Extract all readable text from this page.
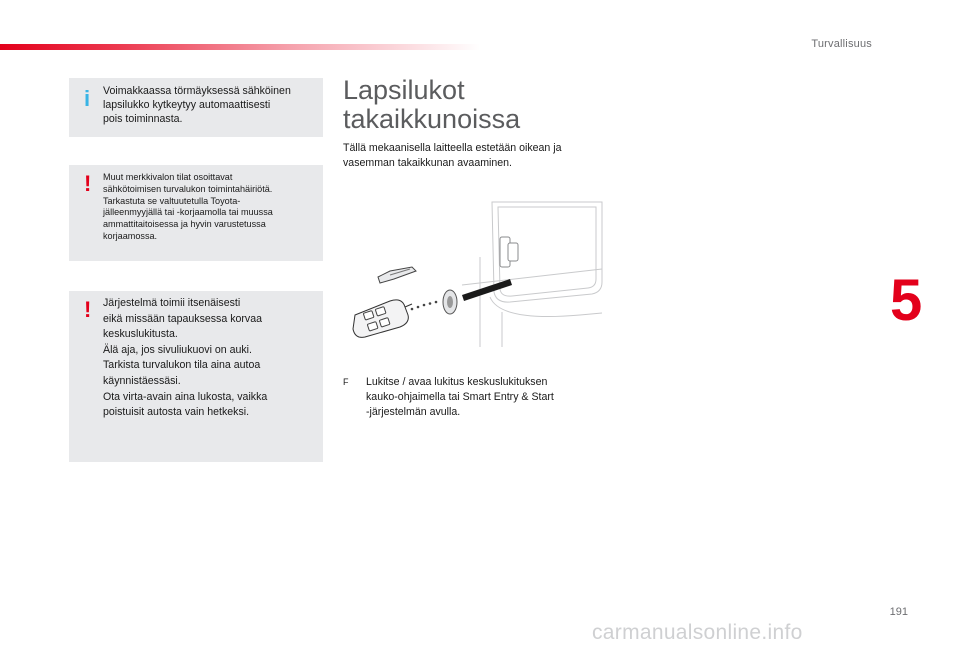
Turvallisuus
5
191
i Voimakkaassa törmäyksessä sähköinen
lapsilukko kytkeytyy automaattisesti
pois toiminnasta.
! Muut merkkivalon tilat osoittavat
sähkötoimisen turvalukon toimintahäiriötä.
Tarkastuta se valtuutetulla Toyota-
jälleenmyyjällä tai -korjaamolla tai muussa
ammattitaitoisessa ja hyvin varustetussa
korjaamossa.
! Järjestelmä toimii itsenäisesti
eikä missään tapauksessa korvaa
keskuslukitusta.
Älä aja, jos sivuliukuovi on auki.
Tarkista turvalukon tila aina autoa
käynnistäessäsi.
Ota virta-avain aina lukosta, vaikka
poistuisit autosta vain hetkeksi.
Lapsilukot
takaikkunoissa
Tällä mekaanisella laitteella estetään oikean ja
vasemman takaikkunan avaaminen.
F Lukitse / avaa lukitus keskuslukituksen
kauko-ohjaimella tai Smart Entry & Start
-järjestelmän avulla.
carmanualsonline.info
